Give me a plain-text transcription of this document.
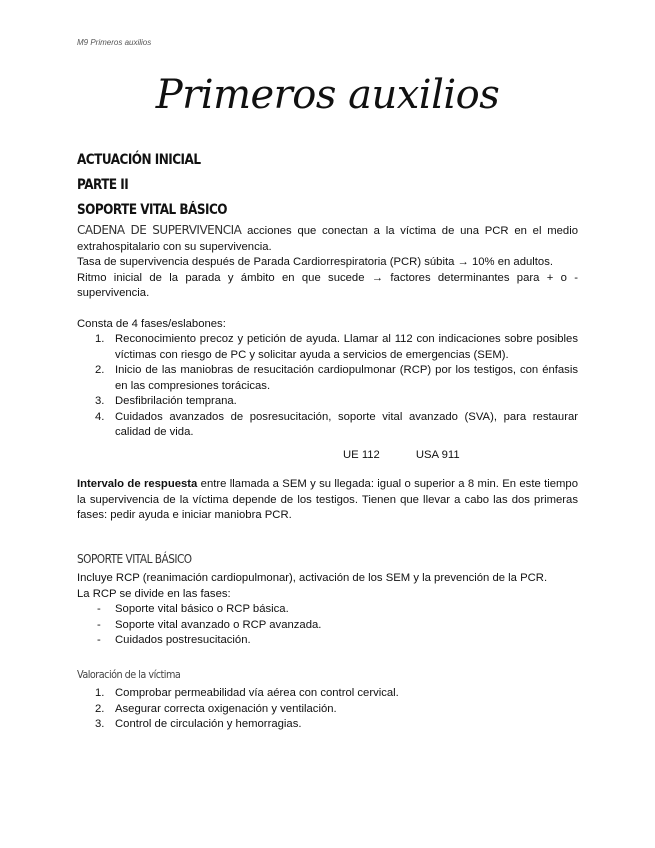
M9 Primeros auxilios
Primeros auxilios
ACTUACIÓN INICIAL
PARTE II
SOPORTE VITAL BÁSICO

CADENA DE SUPERVIVENCIA acciones que conectan a la víctima de una PCR en el medio extrahospitalario con su supervivencia.

Tasa de supervivencia después de Parada Cardiorrespiratoria (PCR) súbita → 10% en adultos.

Ritmo inicial de la parada y ámbito en que sucede → factores determinantes para + o - supervivencia.

Consta de 4 fases/eslabones:

1. Reconocimiento precoz y petición de ayuda. Llamar al 112 con indicaciones sobre posibles víctimas con riesgo de PC y solicitar ayuda a servicios de emergencias (SEM).
2. Inicio de las maniobras de resucitación cardiopulmonar (RCP) por los testigos, con énfasis en las compresiones torácicas.
3. Desfibrilación temprana.
4. Cuidados avanzados de posresucitación, soporte vital avanzado (SVA), para restaurar calidad de vida.

UE 112	USA 911

Intervalo de respuesta entre llamada a SEM y su llegada: igual o superior a 8 min. En este tiempo la supervivencia de la víctima depende de los testigos. Tienen que llevar a cabo las dos primeras fases: pedir ayuda e iniciar maniobra PCR.

SOPORTE VITAL BÁSICO

Incluye RCP (reanimación cardiopulmonar), activación de los SEM y la prevención de la PCR.

La RCP se divide en las fases:

- Soporte vital básico o RCP básica.
- Soporte vital avanzado o RCP avanzada.
- Cuidados postresucitación.
Valoración de la víctima
1. Comprobar permeabilidad vía aérea con control cervical.
2. Asegurar correcta oxigenación y ventilación.
3. Control de circulación y hemorragias.
